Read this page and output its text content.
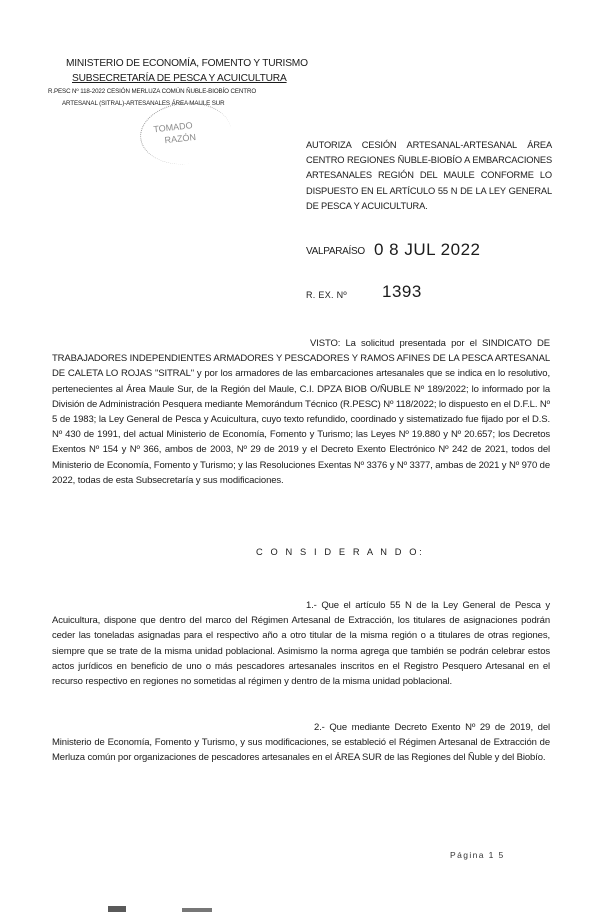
MINISTERIO DE ECONOMÍA, FOMENTO Y TURISMO
SUBSECRETARÍA DE PESCA Y ACUICULTURA
R.PESC Nº 118-2022 CESIÓN MERLUZA COMÚN ÑUBLE-BIOBÍO CENTRO
ARTESANAL (SITRAL)-ARTESANALES ÁREA MAULE SUR
TOMADO
RAZÓN	AUTORIZA CESIÓN ARTESANAL-ARTESANAL ÁREA CENTRO REGIONES ÑUBLE-BIOBÍO A EMBARCACIONES ARTESANALES REGIÓN DEL MAULE CONFORME LO DISPUESTO EN EL ARTÍCULO 55 N DE LA LEY GENERAL DE PESCA Y ACUICULTURA.
VALPARAÍSO 0 8 JUL 2022
R. EX. Nº 1393
VISTO: La solicitud presentada por el SINDICATO DE TRABAJADORES INDEPENDIENTES ARMADORES Y PESCADORES Y RAMOS AFINES DE LA PESCA ARTESANAL DE CALETA LO ROJAS "SITRAL" y por los armadores de las embarcaciones artesanales que se indica en lo resolutivo, pertenecientes al Área Maule Sur, de la Región del Maule, C.I. DPZA BIOB O/ÑUBLE Nº 189/2022; lo informado por la División de Administración Pesquera mediante Memorándum Técnico (R.PESC) Nº 118/2022; lo dispuesto en el D.F.L. Nº 5 de 1983; la Ley General de Pesca y Acuicultura, cuyo texto refundido, coordinado y sistematizado fue fijado por el D.S. Nº 430 de 1991, del actual Ministerio de Economía, Fomento y Turismo; las Leyes Nº 19.880 y Nº 20.657; los Decretos Exentos Nº 154 y Nº 366, ambos de 2003, Nº 29 de 2019 y el Decreto Exento Electrónico Nº 242 de 2021, todos del Ministerio de Economía, Fomento y Turismo; y las Resoluciones Exentas Nº 3376 y Nº 3377, ambas de 2021 y Nº 970 de 2022, todas de esta Subsecretaría y sus modificaciones.
C O N S I D E R A N D O:
1.- Que el artículo 55 N de la Ley General de Pesca y Acuicultura, dispone que dentro del marco del Régimen Artesanal de Extracción, los titulares de asignaciones podrán ceder las toneladas asignadas para el respectivo año a otro titular de la misma región o a titulares de otras regiones, siempre que se trate de la misma unidad poblacional. Asimismo la norma agrega que también se podrán celebrar estos actos jurídicos en beneficio de uno o más pescadores artesanales inscritos en el Registro Pesquero Artesanal en el recurso respectivo en regiones no sometidas al régimen y dentro de la misma unidad poblacional.
2.- Que mediante Decreto Exento Nº 29 de 2019, del Ministerio de Economía, Fomento y Turismo, y sus modificaciones, se estableció el Régimen Artesanal de Extracción de Merluza común por organizaciones de pescadores artesanales en el ÁREA SUR de las Regiones del Ñuble y del Biobío.
Página 1 5
